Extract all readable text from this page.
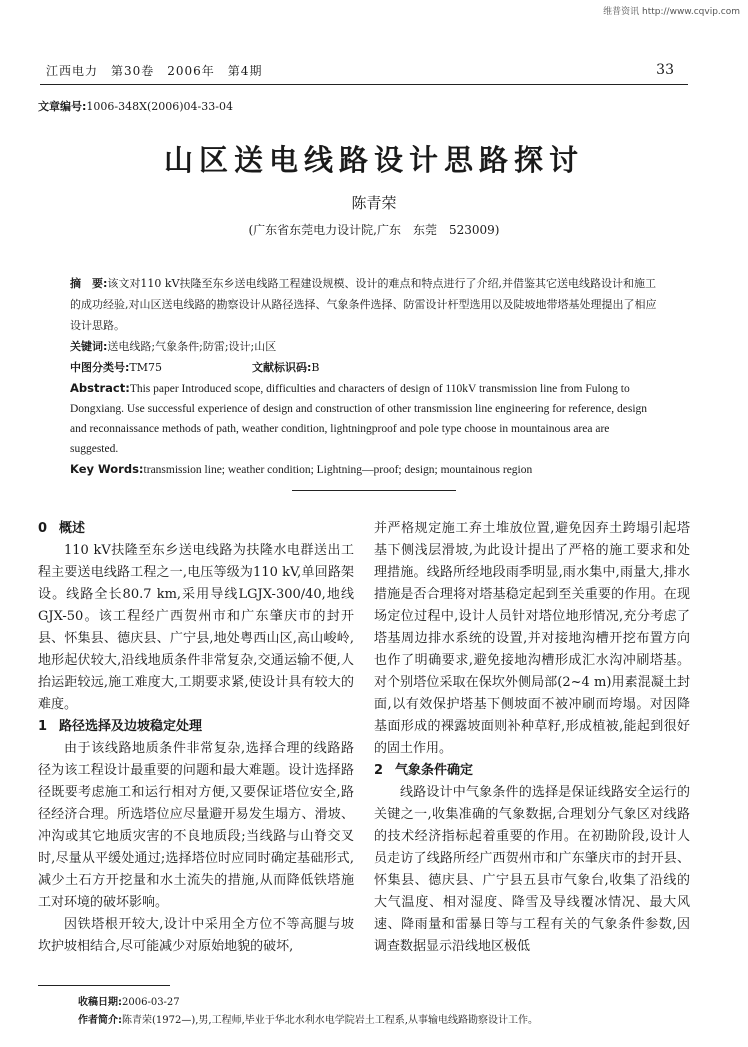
维普资讯 http://www.cqvip.com
江西电力　第30卷　2006年　第4期	33
文章编号:1006-348X(2006)04-33-04
山区送电线路设计思路探讨
陈青荣
(广东省东莞电力设计院,广东　东莞　523009)

摘　要:该文对110 kV扶隆至东乡送电线路工程建设规模、设计的难点和特点进行了介绍,并借鉴其它送电线路设计和施工的成功经验,对山区送电线路的勘察设计从路径选择、气象条件选择、防雷设计杆型选用以及陡坡地带塔基处理提出了相应设计思路。

关键词:送电线路;气象条件;防雷;设计;山区

中图分类号:TM75	文献标识码:B

Abstract:This paper Introduced scope, difficulties and characters of design of 110kV transmission line from Fulong to Dongxiang. Use successful experience of design and construction of other transmission line engineering for reference, design and reconnaissance methods of path, weather condition, lightningproof and pole type choose in mountainous area are suggested.

Key Words:transmission line; weather condition; Lightning—proof; design; mountainous region

0 概述

110 kV扶隆至东乡送电线路为扶隆水电群送出工程主要送电线路工程之一,电压等级为110 kV,单回路架设。线路全长80.7 km,采用导线LGJX-300/40,地线GJX-50。该工程经广西贺州市和广东肇庆市的封开县、怀集县、德庆县、广宁县,地处粤西山区,高山峻岭,地形起伏较大,沿线地质条件非常复杂,交通运输不便,人抬运距较远,施工难度大,工期要求紧,使设计具有较大的难度。

1 路径选择及边坡稳定处理

由于该线路地质条件非常复杂,选择合理的线路路径为该工程设计最重要的问题和最大难题。设计选择路径既要考虑施工和运行相对方便,又要保证塔位安全,路径经济合理。所选塔位应尽量避开易发生塌方、滑坡、冲沟或其它地质灾害的不良地质段;当线路与山脊交叉时,尽量从平缓处通过;选择塔位时应同时确定基础形式,减少土石方开挖量和水土流失的措施,从而降低铁塔施工对环境的破坏影响。

因铁塔根开较大,设计中采用全方位不等高腿与坡坎护坡相结合,尽可能减少对原始地貌的破坏,

并严格规定施工弃土堆放位置,避免因弃土跨塌引起塔基下侧浅层滑坡,为此设计提出了严格的施工要求和处理措施。线路所经地段雨季明显,雨水集中,雨量大,排水措施是否合理将对塔基稳定起到至关重要的作用。在现场定位过程中,设计人员针对塔位地形情况,充分考虑了塔基周边排水系统的设置,并对接地沟槽开挖布置方向也作了明确要求,避免接地沟槽形成汇水沟冲刷塔基。对个别塔位采取在保坎外侧局部(2~4 m)用素混凝土封面,以有效保护塔基下侧坡面不被冲刷而垮塌。对因降基面形成的裸露坡面则补种草籽,形成植被,能起到很好的固土作用。

2 气象条件确定

线路设计中气象条件的选择是保证线路安全运行的关键之一,收集准确的气象数据,合理划分气象区对线路的技术经济指标起着重要的作用。在初勘阶段,设计人员走访了线路所经广西贺州市和广东肇庆市的封开县、怀集县、德庆县、广宁县五县市气象台,收集了沿线的大气温度、相对湿度、降雪及导线覆冰情况、最大风速、降雨量和雷暴日等与工程有关的气象条件参数,因调查数据显示沿线地区极低

收稿日期:2006-03-27
作者简介:陈青荣(1972—),男,工程师,毕业于华北水利水电学院岩土工程系,从事输电线路勘察设计工作。
